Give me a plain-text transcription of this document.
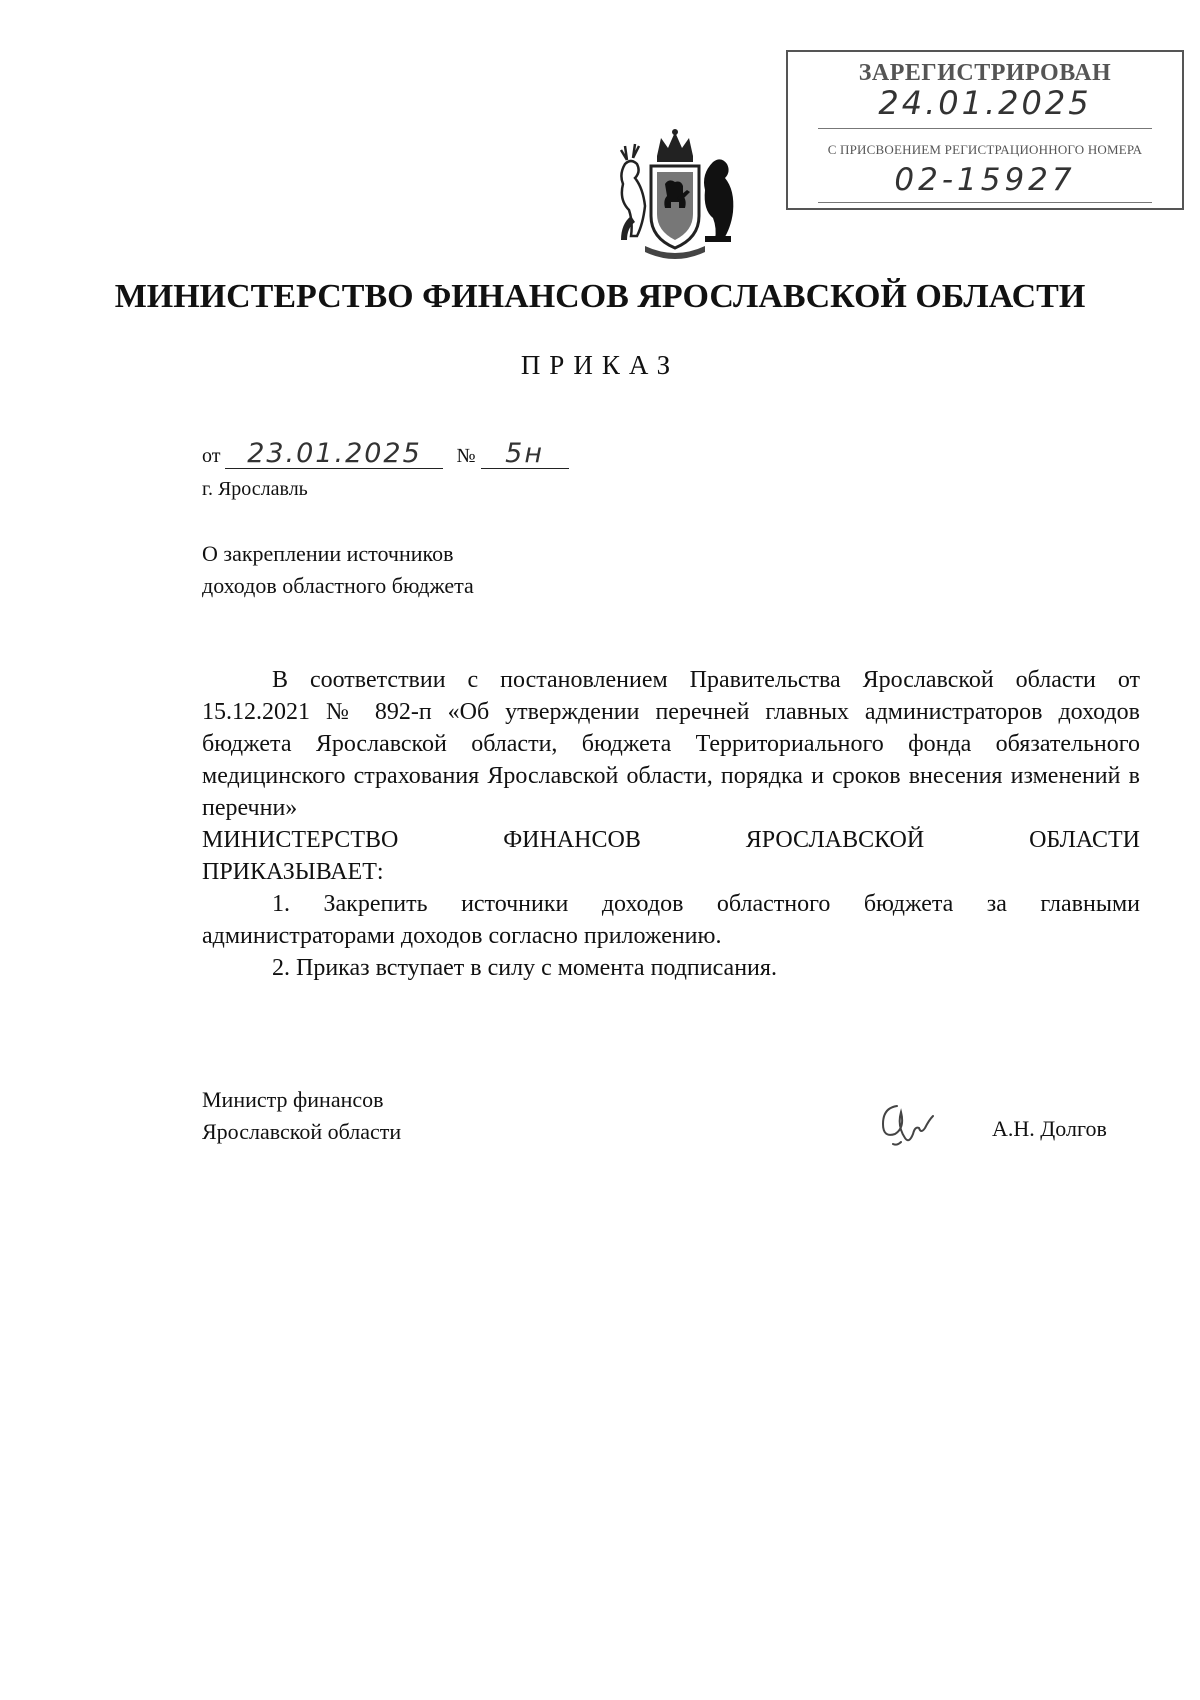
ЗАРЕГИСТРИРОВАН
24.01.2025
С ПРИСВОЕНИЕМ РЕГИСТРАЦИОННОГО НОМЕРА
02-15927
МИНИСТЕРСТВО ФИНАНСОВ ЯРОСЛАВСКОЙ ОБЛАСТИ
ПРИКАЗ
от 23.01.2025 № 5н
г. Ярославль
О закреплении источников
доходов областного бюджета

В соответствии с постановлением Правительства Ярославской области от 15.12.2021 № 892-п «Об утверждении перечней главных администраторов доходов бюджета Ярославской области, бюджета Территориального фонда обязательного медицинского страхования Ярославской области, порядка и сроков внесения изменений в перечни»

МИНИСТЕРСТВО ФИНАНСОВ ЯРОСЛАВСКОЙ ОБЛАСТИ

ПРИКАЗЫВАЕТ:

1. Закрепить источники доходов областного бюджета за главными администраторами доходов согласно приложению.

2. Приказ вступает в силу с момента подписания.

Министр финансов
Ярославской области	А.Н. Долгов
